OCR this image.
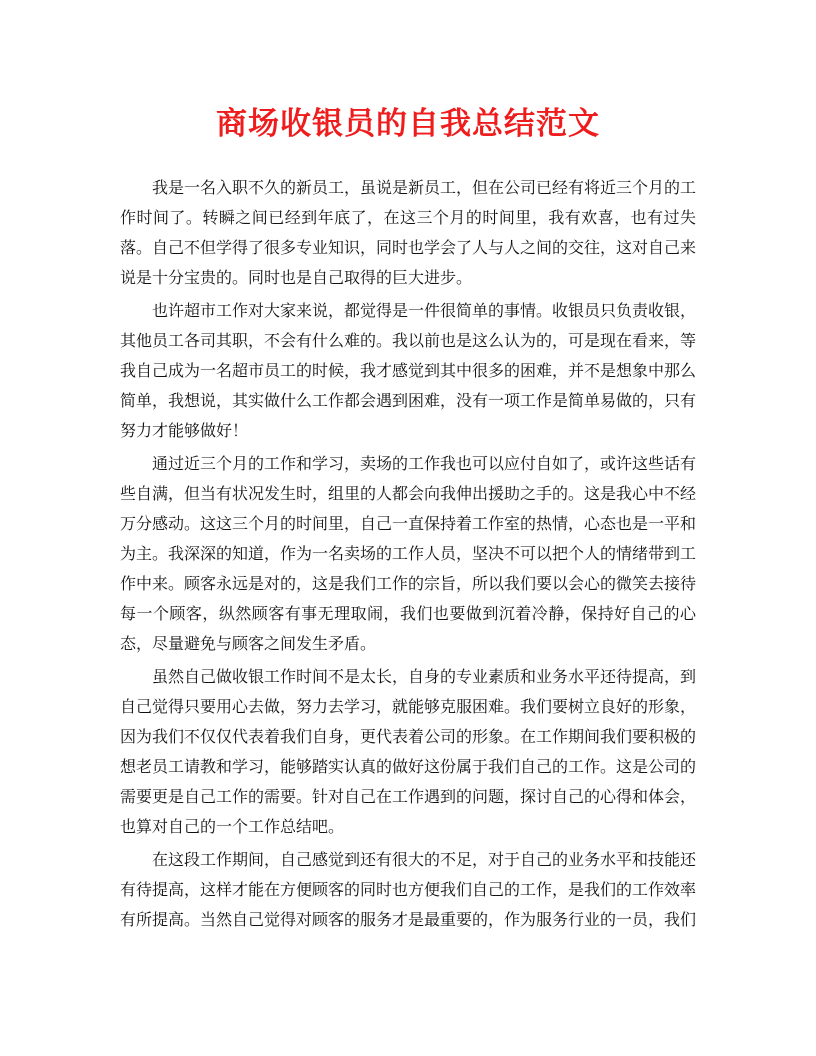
商场收银员的自我总结范文

我是一名入职不久的新员工，虽说是新员工，但在公司已经有将近三个月的工作时间了。转瞬之间已经到年底了，在这三个月的时间里，我有欢喜，也有过失落。自己不但学得了很多专业知识，同时也学会了人与人之间的交往，这对自己来说是十分宝贵的。同时也是自己取得的巨大进步。

也许超市工作对大家来说，都觉得是一件很简单的事情。收银员只负责收银，其他员工各司其职，不会有什么难的。我以前也是这么认为的，可是现在看来，等我自己成为一名超市员工的时候，我才感觉到其中很多的困难，并不是想象中那么简单，我想说，其实做什么工作都会遇到困难，没有一项工作是简单易做的，只有努力才能够做好！

通过近三个月的工作和学习，卖场的工作我也可以应付自如了，或许这些话有些自满，但当有状况发生时，组里的人都会向我伸出援助之手的。这是我心中不经万分感动。这这三个月的时间里，自己一直保持着工作室的热情，心态也是一平和为主。我深深的知道，作为一名卖场的工作人员，坚决不可以把个人的情绪带到工作中来。顾客永远是对的，这是我们工作的宗旨，所以我们要以会心的微笑去接待每一个顾客，纵然顾客有事无理取闹，我们也要做到沉着冷静，保持好自己的心态，尽量避免与顾客之间发生矛盾。

虽然自己做收银工作时间不是太长，自身的专业素质和业务水平还待提高，到自己觉得只要用心去做，努力去学习，就能够克服困难。我们要树立良好的形象，因为我们不仅仅代表着我们自身，更代表着公司的形象。在工作期间我们要积极的想老员工请教和学习，能够踏实认真的做好这份属于我们自己的工作。这是公司的需要更是自己工作的需要。针对自己在工作遇到的问题，探讨自己的心得和体会，也算对自己的一个工作总结吧。

在这段工作期间，自己感觉到还有很大的不足，对于自己的业务水平和技能还有待提高，这样才能在方便顾客的同时也方便我们自己的工作，是我们的工作效率有所提高。当然自己觉得对顾客的服务才是最重要的，作为服务行业的一员，我们
